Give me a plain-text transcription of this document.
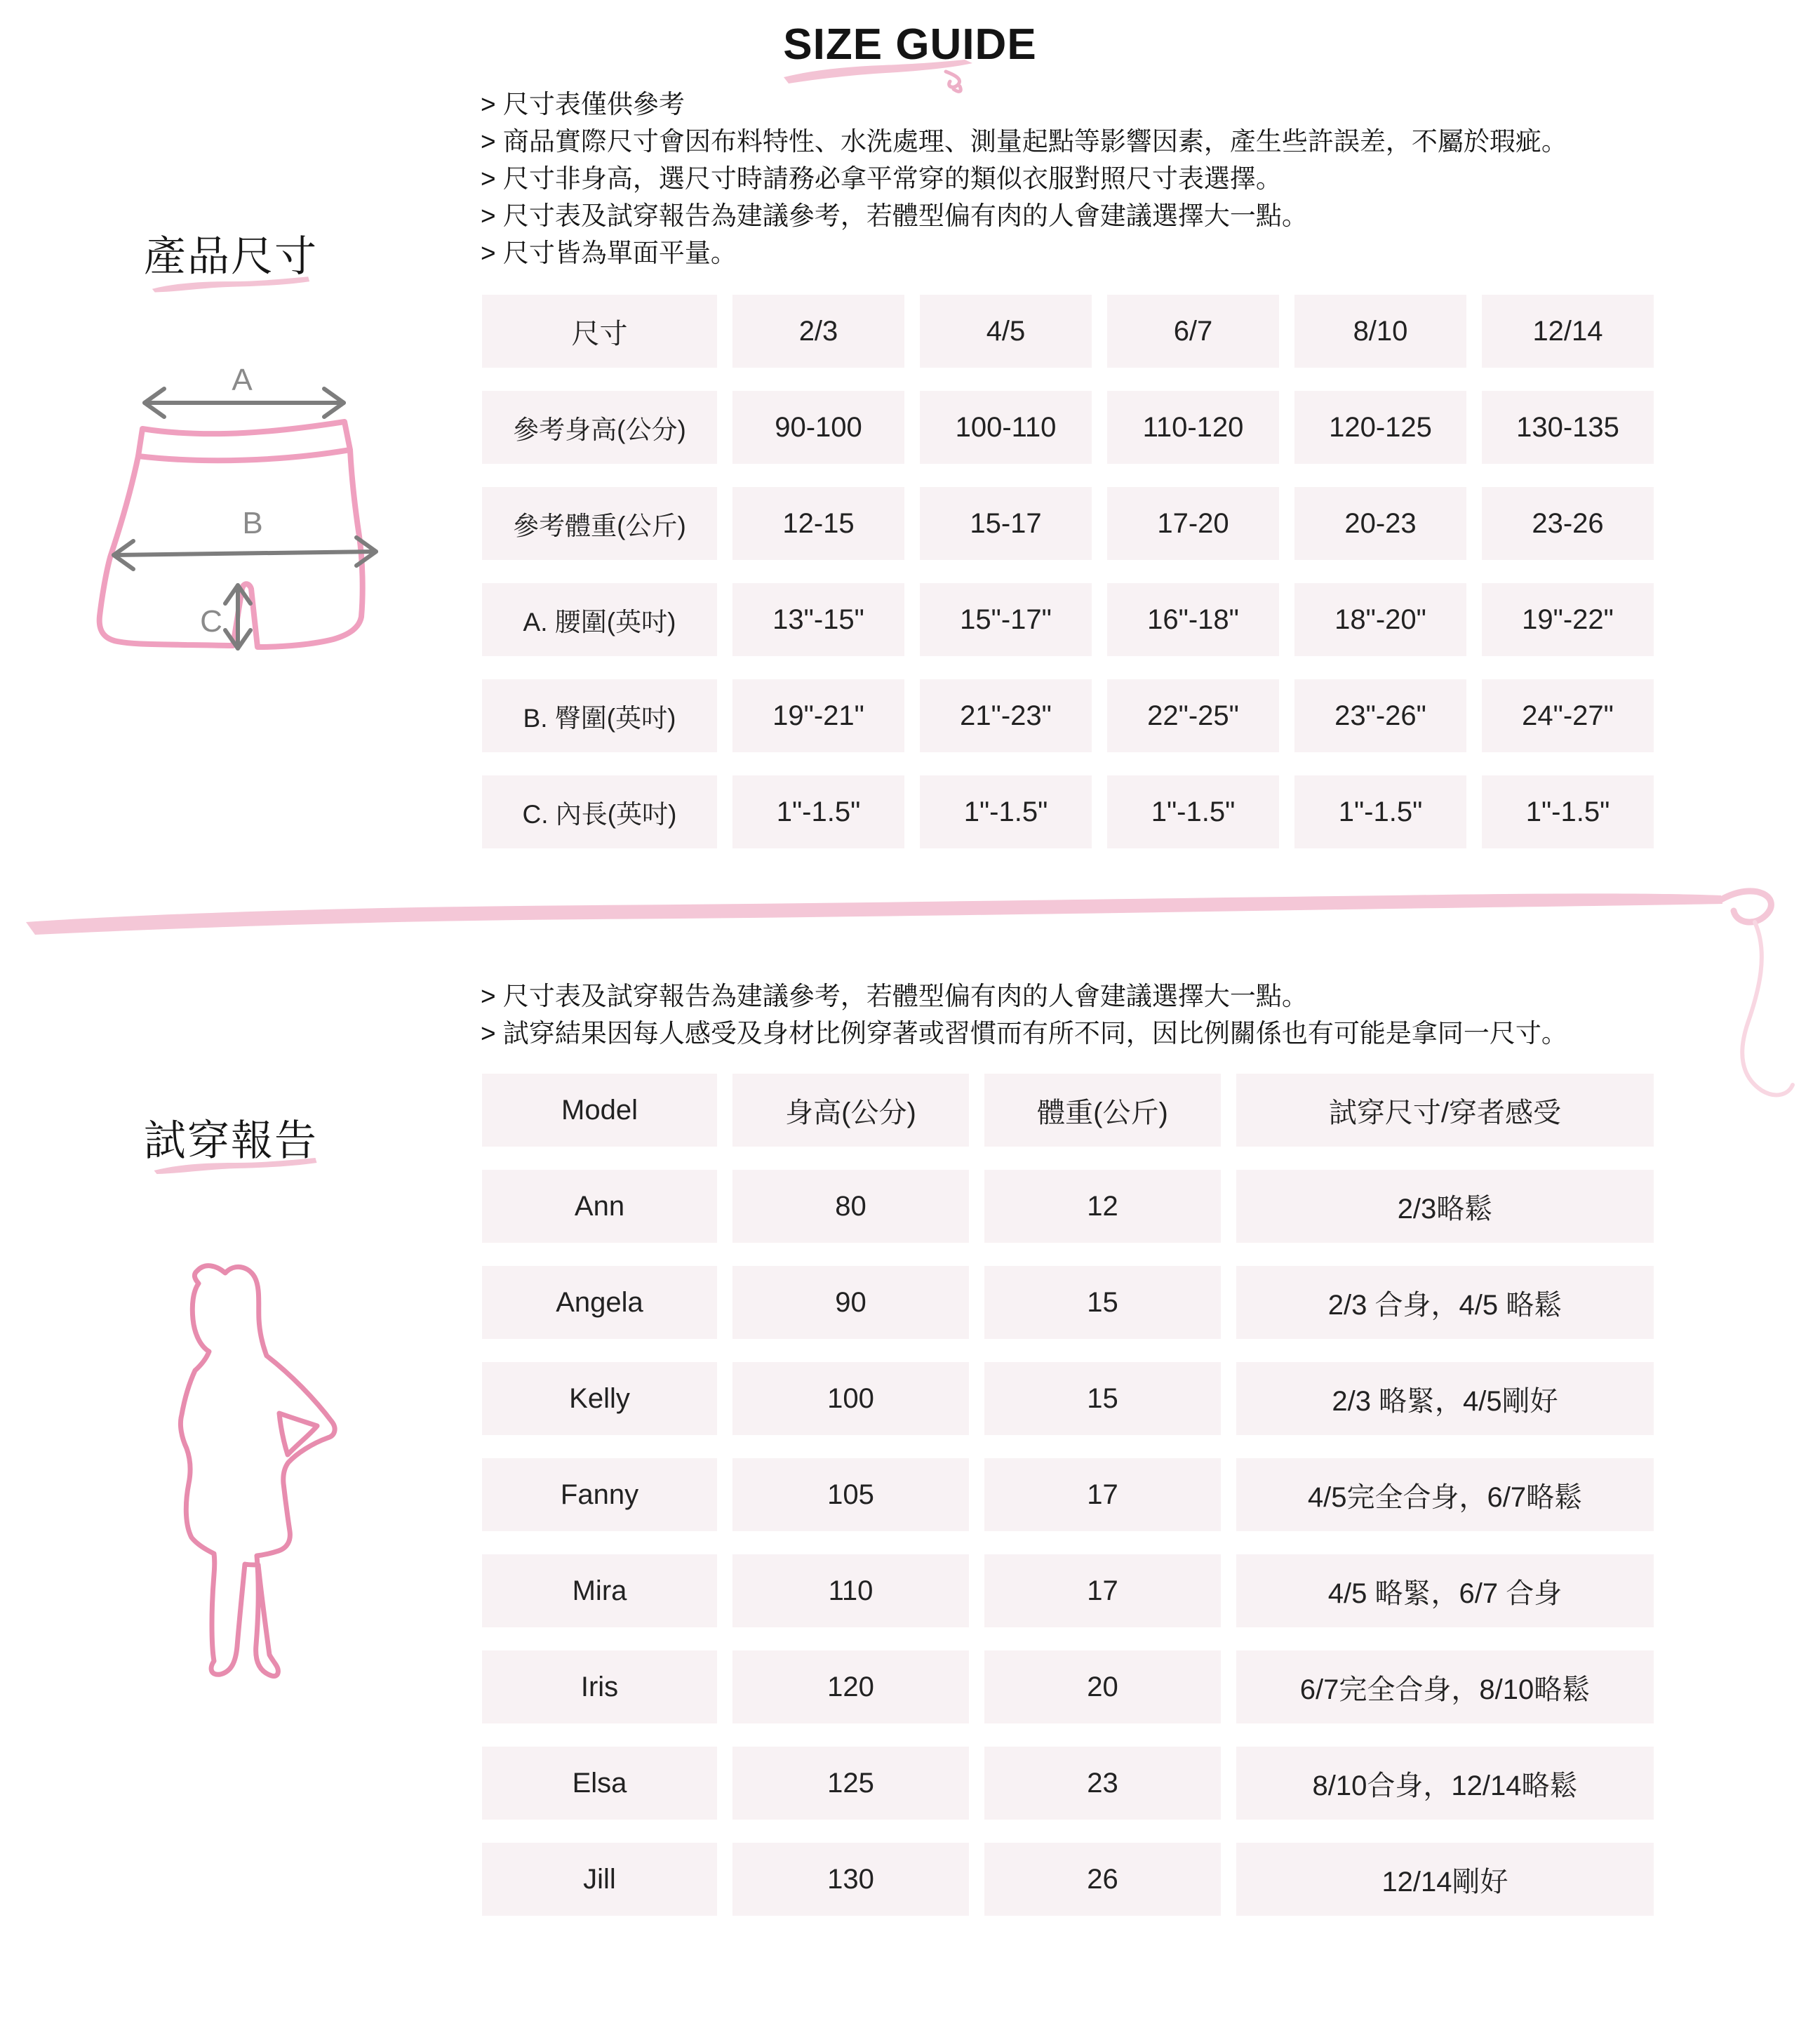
SIZE GUIDE
> 尺寸表僅供參考
> 商品實際尺寸會因布料特性、水洗處理、測量起點等影響因素，產生些許誤差，不屬於瑕疵。
> 尺寸非身高，選尺寸時請務必拿平常穿的類似衣服對照尺寸表選擇。
> 尺寸表及試穿報告為建議參考，若體型偏有肉的人會建議選擇大一點。
> 尺寸皆為單面平量。
產品尺寸
A
B
C
尺寸	2/3	4/5	6/7	8/10	12/14
參考身高(公分)	90-100	100-110	110-120	120-125	130-135
參考體重(公斤)	12-15	15-17	17-20	20-23	23-26
A. 腰圍(英吋)	13"-15"	15"-17"	16"-18"	18"-20"	19"-22"
B. 臀圍(英吋)	19"-21"	21"-23"	22"-25"	23"-26"	24"-27"
C. 內長(英吋)	1"-1.5"	1"-1.5"	1"-1.5"	1"-1.5"	1"-1.5"
> 尺寸表及試穿報告為建議參考，若體型偏有肉的人會建議選擇大一點。
> 試穿結果因每人感受及身材比例穿著或習慣而有所不同，因比例關係也有可能是拿同一尺寸。
試穿報告
Model	身高(公分)	體重(公斤)	試穿尺寸/穿者感受
Ann	80	12	2/3略鬆
Angela	90	15	2/3 合身，4/5 略鬆
Kelly	100	15	2/3 略緊，4/5剛好
Fanny	105	17	4/5完全合身，6/7略鬆
Mira	110	17	4/5 略緊，6/7 合身
Iris	120	20	6/7完全合身，8/10略鬆
Elsa	125	23	8/10合身，12/14略鬆
Jill	130	26	12/14剛好
